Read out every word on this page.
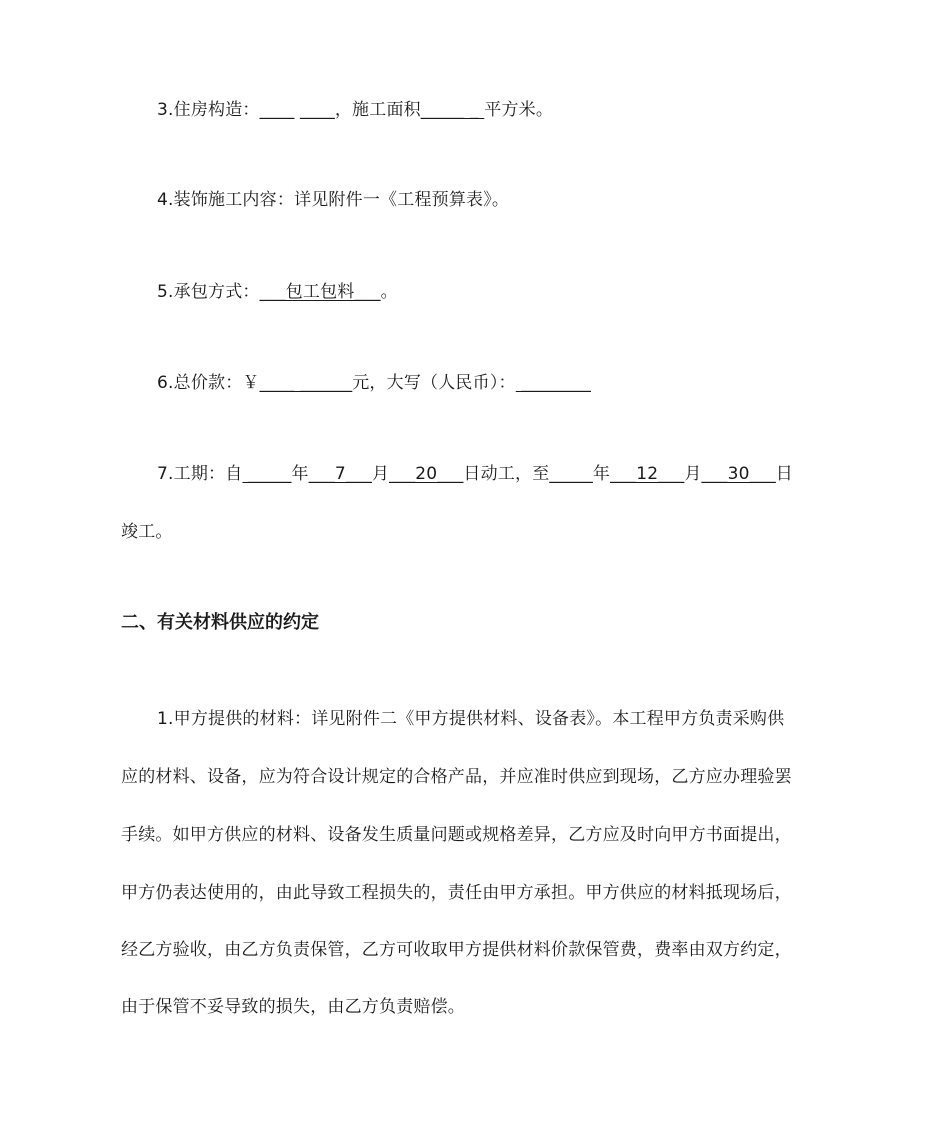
3.住房构造：____ ____，施工面积_____ _ 平方米。
4.装饰施工内容：详见附件一《工程预算表》。
5.承包方式：___包工包料___。
6.总价款：￥____ ______元，大写（人民币）： ________
7.工期：自 _____年___7___月___20___日动工，至_____年___12___月___30___日
竣工。
二、有关材料供应的约定
1.甲方提供的材料：详见附件二《甲方提供材料、设备表》。本工程甲方负责采购供
应的材料、设备，应为符合设计规定的合格产品，并应准时供应到现场，乙方应办理验罢
手续。如甲方供应的材料、设备发生质量问题或规格差异，乙方应及时向甲方书面提出，
甲方仍表达使用的，由此导致工程损失的，责任由甲方承担。甲方供应的材料抵现场后，
经乙方验收，由乙方负责保管，乙方可收取甲方提供材料价款保管费，费率由双方约定，
由于保管不妥导致的损失，由乙方负责赔偿。
